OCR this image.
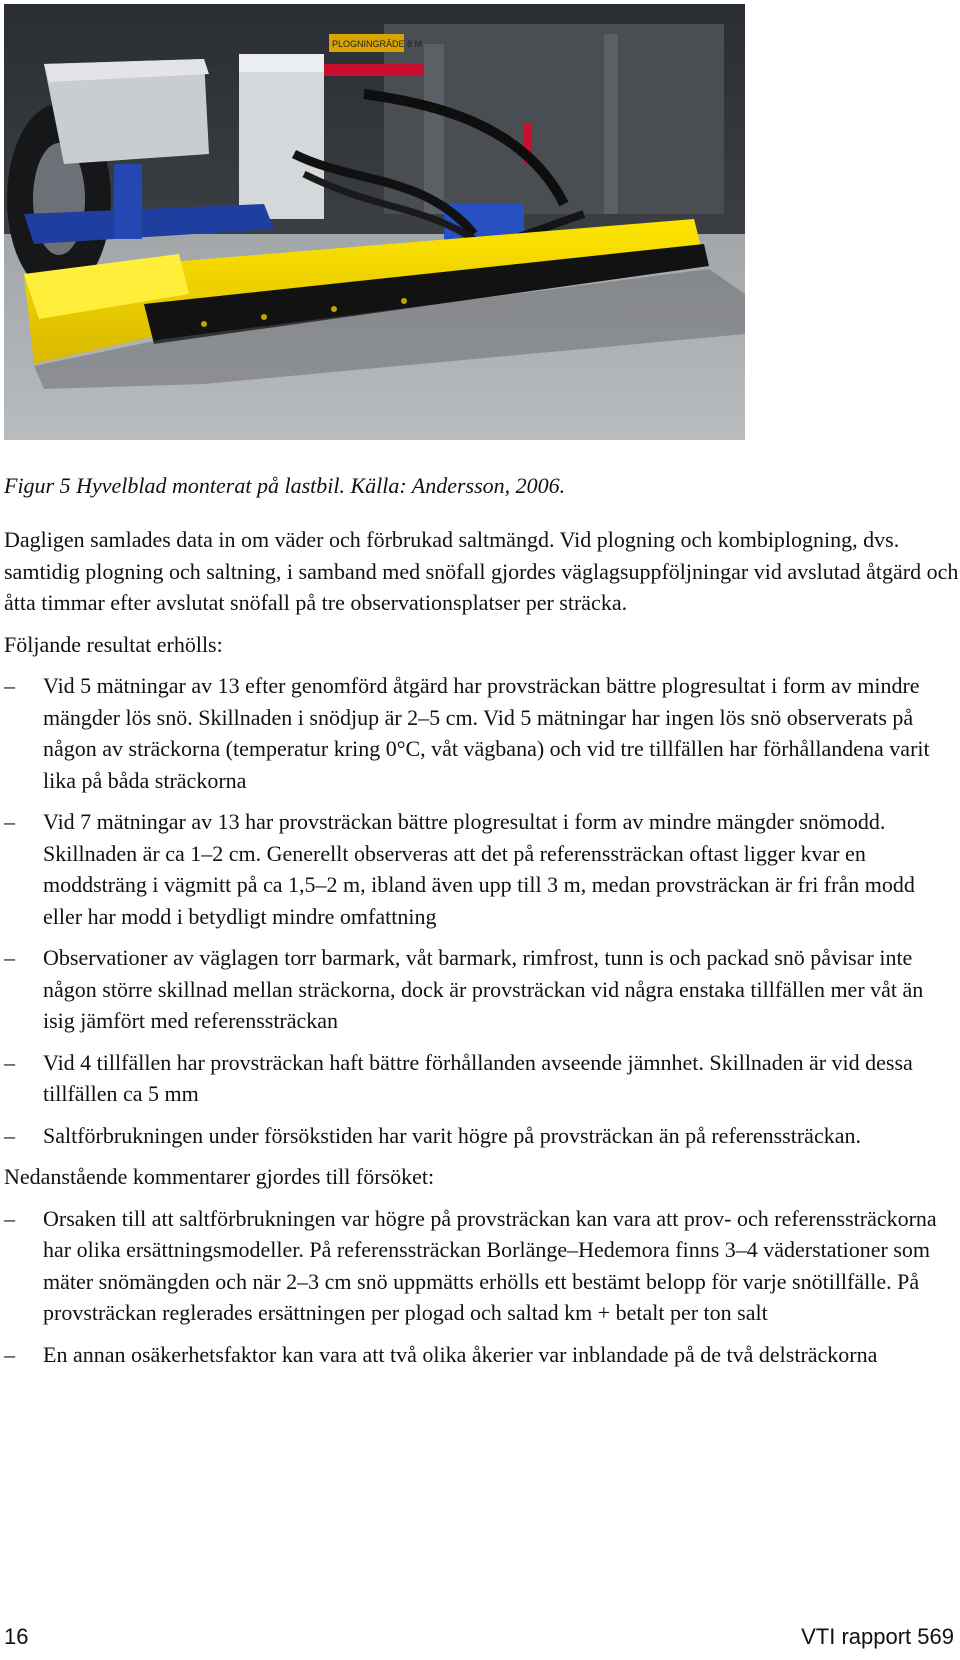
PLOGNINGRÄDE 8 M

Figur 5 Hyvelblad monterat på lastbil. Källa: Andersson, 2006.

Dagligen samlades data in om väder och förbrukad saltmängd. Vid plogning och kombiplogning, dvs. samtidig plogning och saltning, i samband med snöfall gjordes väglagsuppföljningar vid avslutad åtgärd och åtta timmar efter avslutat snöfall på tre observationsplatser per sträcka.

Följande resultat erhölls:

– Vid 5 mätningar av 13 efter genomförd åtgärd har provsträckan bättre plogresultat i form av mindre mängder lös snö. Skillnaden i snödjup är 2–5 cm. Vid 5 mätningar har ingen lös snö observerats på någon av sträckorna (temperatur kring 0°C, våt vägbana) och vid tre tillfällen har förhållandena varit lika på båda sträckorna
– Vid 7 mätningar av 13 har provsträckan bättre plogresultat i form av mindre mängder snömodd. Skillnaden är ca 1–2 cm. Generellt observeras att det på referenssträckan oftast ligger kvar en moddsträng i vägmitt på ca 1,5–2 m, ibland även upp till 3 m, medan provsträckan är fri från modd eller har modd i betydligt mindre omfattning
– Observationer av väglagen torr barmark, våt barmark, rimfrost, tunn is och packad snö påvisar inte någon större skillnad mellan sträckorna, dock är provsträckan vid några enstaka tillfällen mer våt än isig jämfört med referenssträckan
– Vid 4 tillfällen har provsträckan haft bättre förhållanden avseende jämnhet. Skillnaden är vid dessa tillfällen ca 5 mm
– Saltförbrukningen under försökstiden har varit högre på provsträckan än på referenssträckan.

Nedanstående kommentarer gjordes till försöket:

– Orsaken till att saltförbrukningen var högre på provsträckan kan vara att prov- och referenssträckorna har olika ersättningsmodeller. På referenssträckan Borlänge–Hedemora finns 3–4 väderstationer som mäter snömängden och när 2–3 cm snö uppmätts erhölls ett bestämt belopp för varje snötillfälle. På provsträckan reglerades ersättningen per plogad och saltad km + betalt per ton salt
– En annan osäkerhetsfaktor kan vara att två olika åkerier var inblandade på de två delsträckorna
16	VTI rapport 569
